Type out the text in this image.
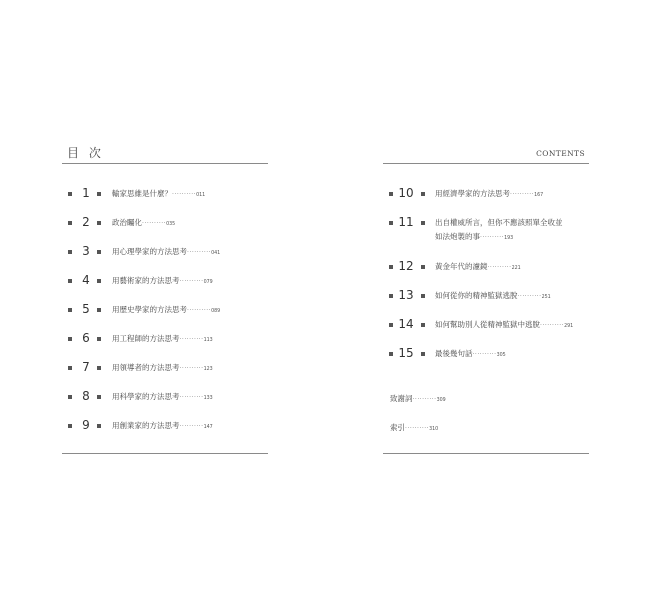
目 次
1	輸家思維是什麼？··········011
2	政治矚化··········035
3	用心理學家的方法思考··········041
4	用藝術家的方法思考··········079
5	用歷史學家的方法思考··········089
6	用工程師的方法思考··········113
7	用領導者的方法思考··········123
8	用科學家的方法思考··········133
9	用創業家的方法思考··········147
CONTENTS
10	用經濟學家的方法思考··········167
11	出自權威所言，但你不應該照單全收並
如法炮製的事··········193
12	黃金年代的濾鏡··········221
13	如何從你的精神監獄逃脫··········251
14	如何幫助別人從精神監獄中逃脫··········291
15	最後幾句話··········305
致謝詞··········309
索引··········310
